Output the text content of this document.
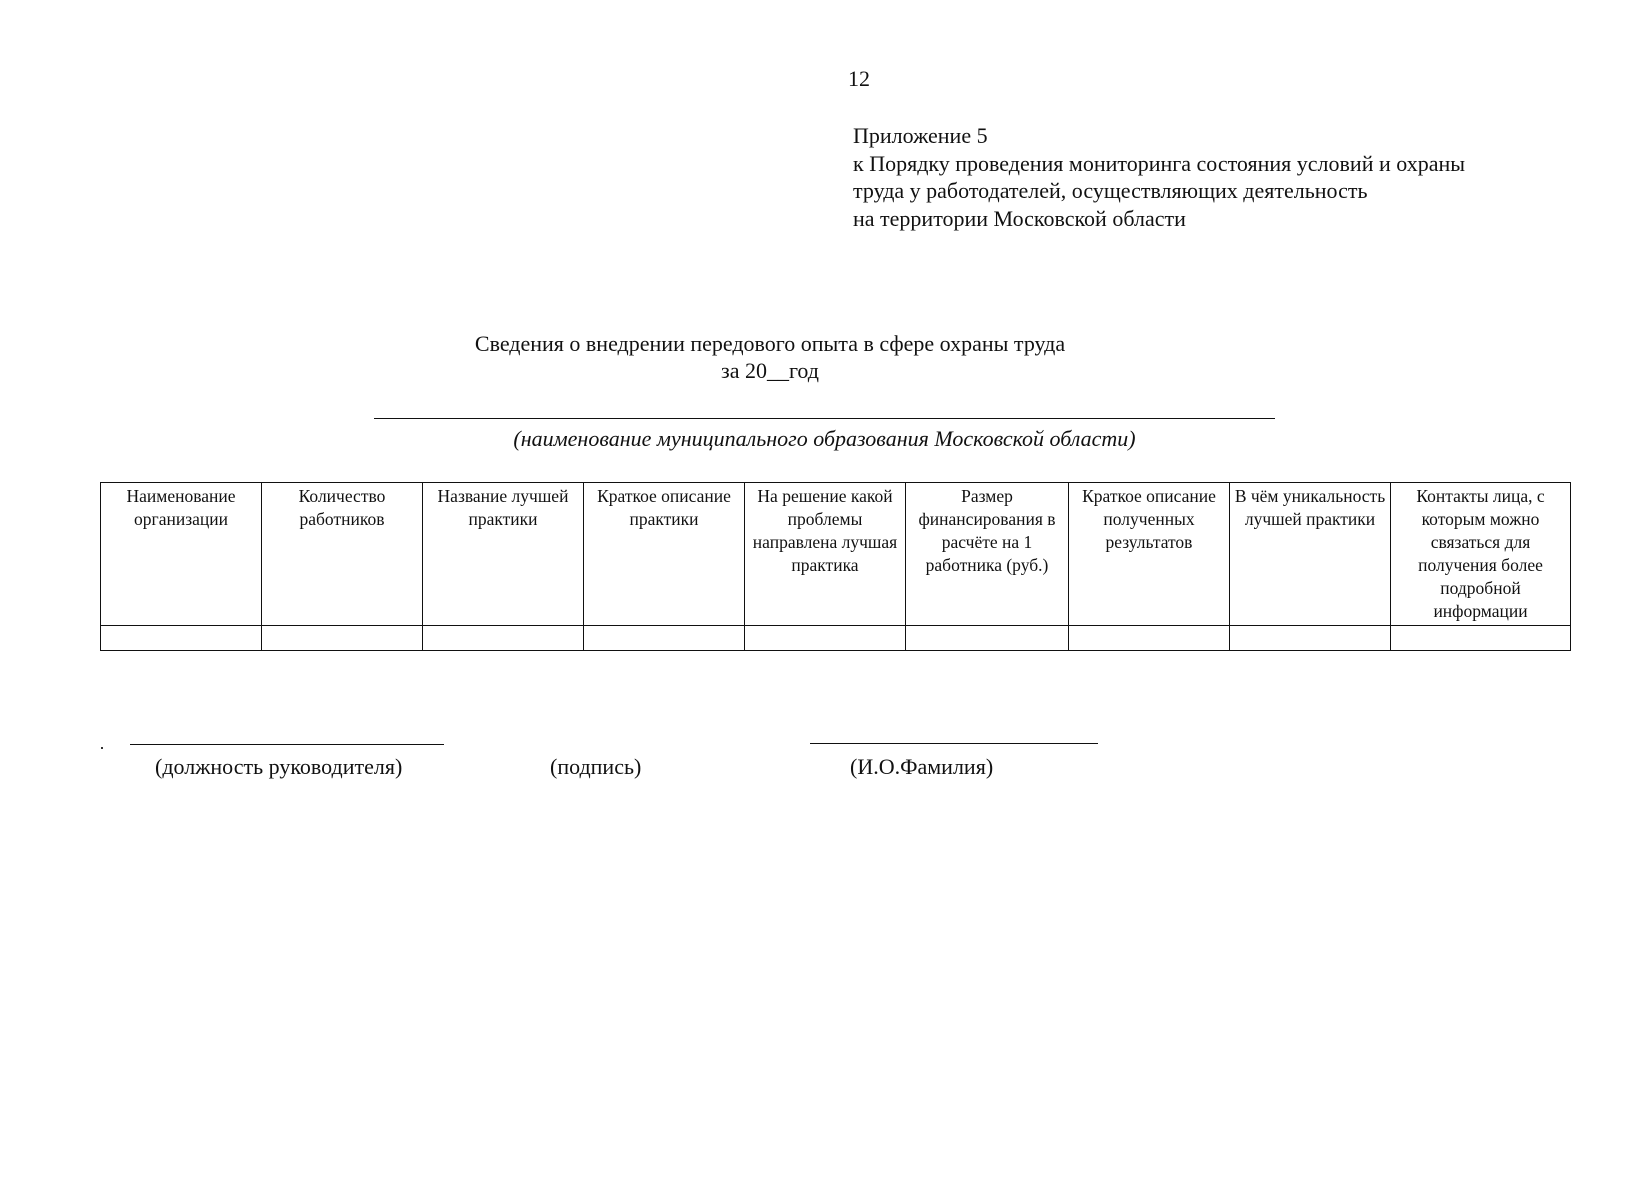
12
Приложение 5
к Порядку проведения мониторинга состояния условий и охраны
труда у работодателей, осуществляющих деятельность
на территории Московской области
Сведения о внедрении передового опыта в сфере охраны труда
за 20__год
(наименование муниципального образования Московской области)
Наименование организации	Количество работников	Название лучшей практики	Краткое описание практики	На решение какой проблемы направлена лучшая практика	Размер финансирования в расчёте на 1 работника (руб.)	Краткое описание полученных результатов	В чём уникальность лучшей практики	Контакты лица, с которым можно связаться для получения более подробной информации

(должность руководителя)	(подпись)	(И.О.Фамилия)
